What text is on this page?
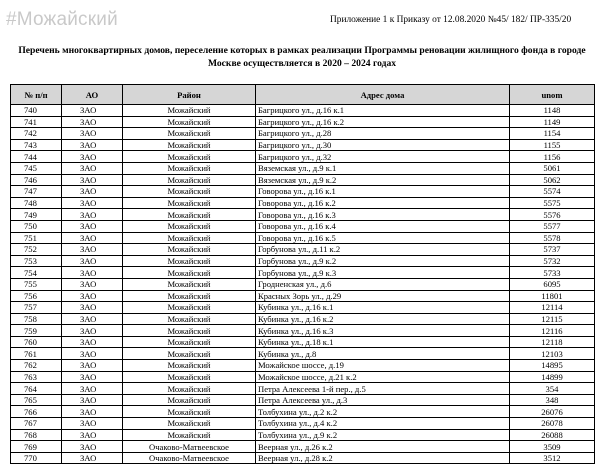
#Можайский	Приложение 1 к Приказу от 12.08.2020 №45/ 182/ ПР-335/20
Перечень многоквартирных домов, переселение которых в рамках реализации Программы реновации жилищного фонда в городе
Москве осуществляется в 2020 – 2024 годах
№ п/п	АО	Район	Адрес дома	unom
740	ЗАО	Можайский	Багрицкого ул., д.16 к.1	1148
741	ЗАО	Можайский	Багрицкого ул., д.16 к.2	1149
742	ЗАО	Можайский	Багрицкого ул., д.28	1154
743	ЗАО	Можайский	Багрицкого ул., д.30	1155
744	ЗАО	Можайский	Багрицкого ул., д.32	1156
745	ЗАО	Можайский	Вяземская ул., д.9 к.1	5061
746	ЗАО	Можайский	Вяземская ул., д.9 к.2	5062
747	ЗАО	Можайский	Говорова ул., д.16 к.1	5574
748	ЗАО	Можайский	Говорова ул., д.16 к.2	5575
749	ЗАО	Можайский	Говорова ул., д.16 к.3	5576
750	ЗАО	Можайский	Говорова ул., д.16 к.4	5577
751	ЗАО	Можайский	Говорова ул., д.16 к.5	5578
752	ЗАО	Можайский	Горбунова ул., д.11 к.2	5737
753	ЗАО	Можайский	Горбунова ул., д.9 к.2	5732
754	ЗАО	Можайский	Горбунова ул., д.9 к.3	5733
755	ЗАО	Можайский	Гродненская ул., д.6	6095
756	ЗАО	Можайский	Красных Зорь ул., д.29	11801
757	ЗАО	Можайский	Кубинка ул., д.16 к.1	12114
758	ЗАО	Можайский	Кубинка ул., д.16 к.2	12115
759	ЗАО	Можайский	Кубинка ул., д.16 к.3	12116
760	ЗАО	Можайский	Кубинка ул., д.18 к.1	12118
761	ЗАО	Можайский	Кубинка ул., д.8	12103
762	ЗАО	Можайский	Можайское шоссе, д.19	14895
763	ЗАО	Можайский	Можайское шоссе, д.21 к.2	14899
764	ЗАО	Можайский	Петра Алексеева 1-й пер., д.5	354
765	ЗАО	Можайский	Петра Алексеева ул., д.3	348
766	ЗАО	Можайский	Толбухина ул., д.2 к.2	26076
767	ЗАО	Можайский	Толбухина ул., д.4 к.2	26078
768	ЗАО	Можайский	Толбухина ул., д.9 к.2	26088
769	ЗАО	Очаково-Матвеевское	Веерная ул., д.26 к.2	3509
770	ЗАО	Очаково-Матвеевское	Веерная ул., д.28 к.2	3512
